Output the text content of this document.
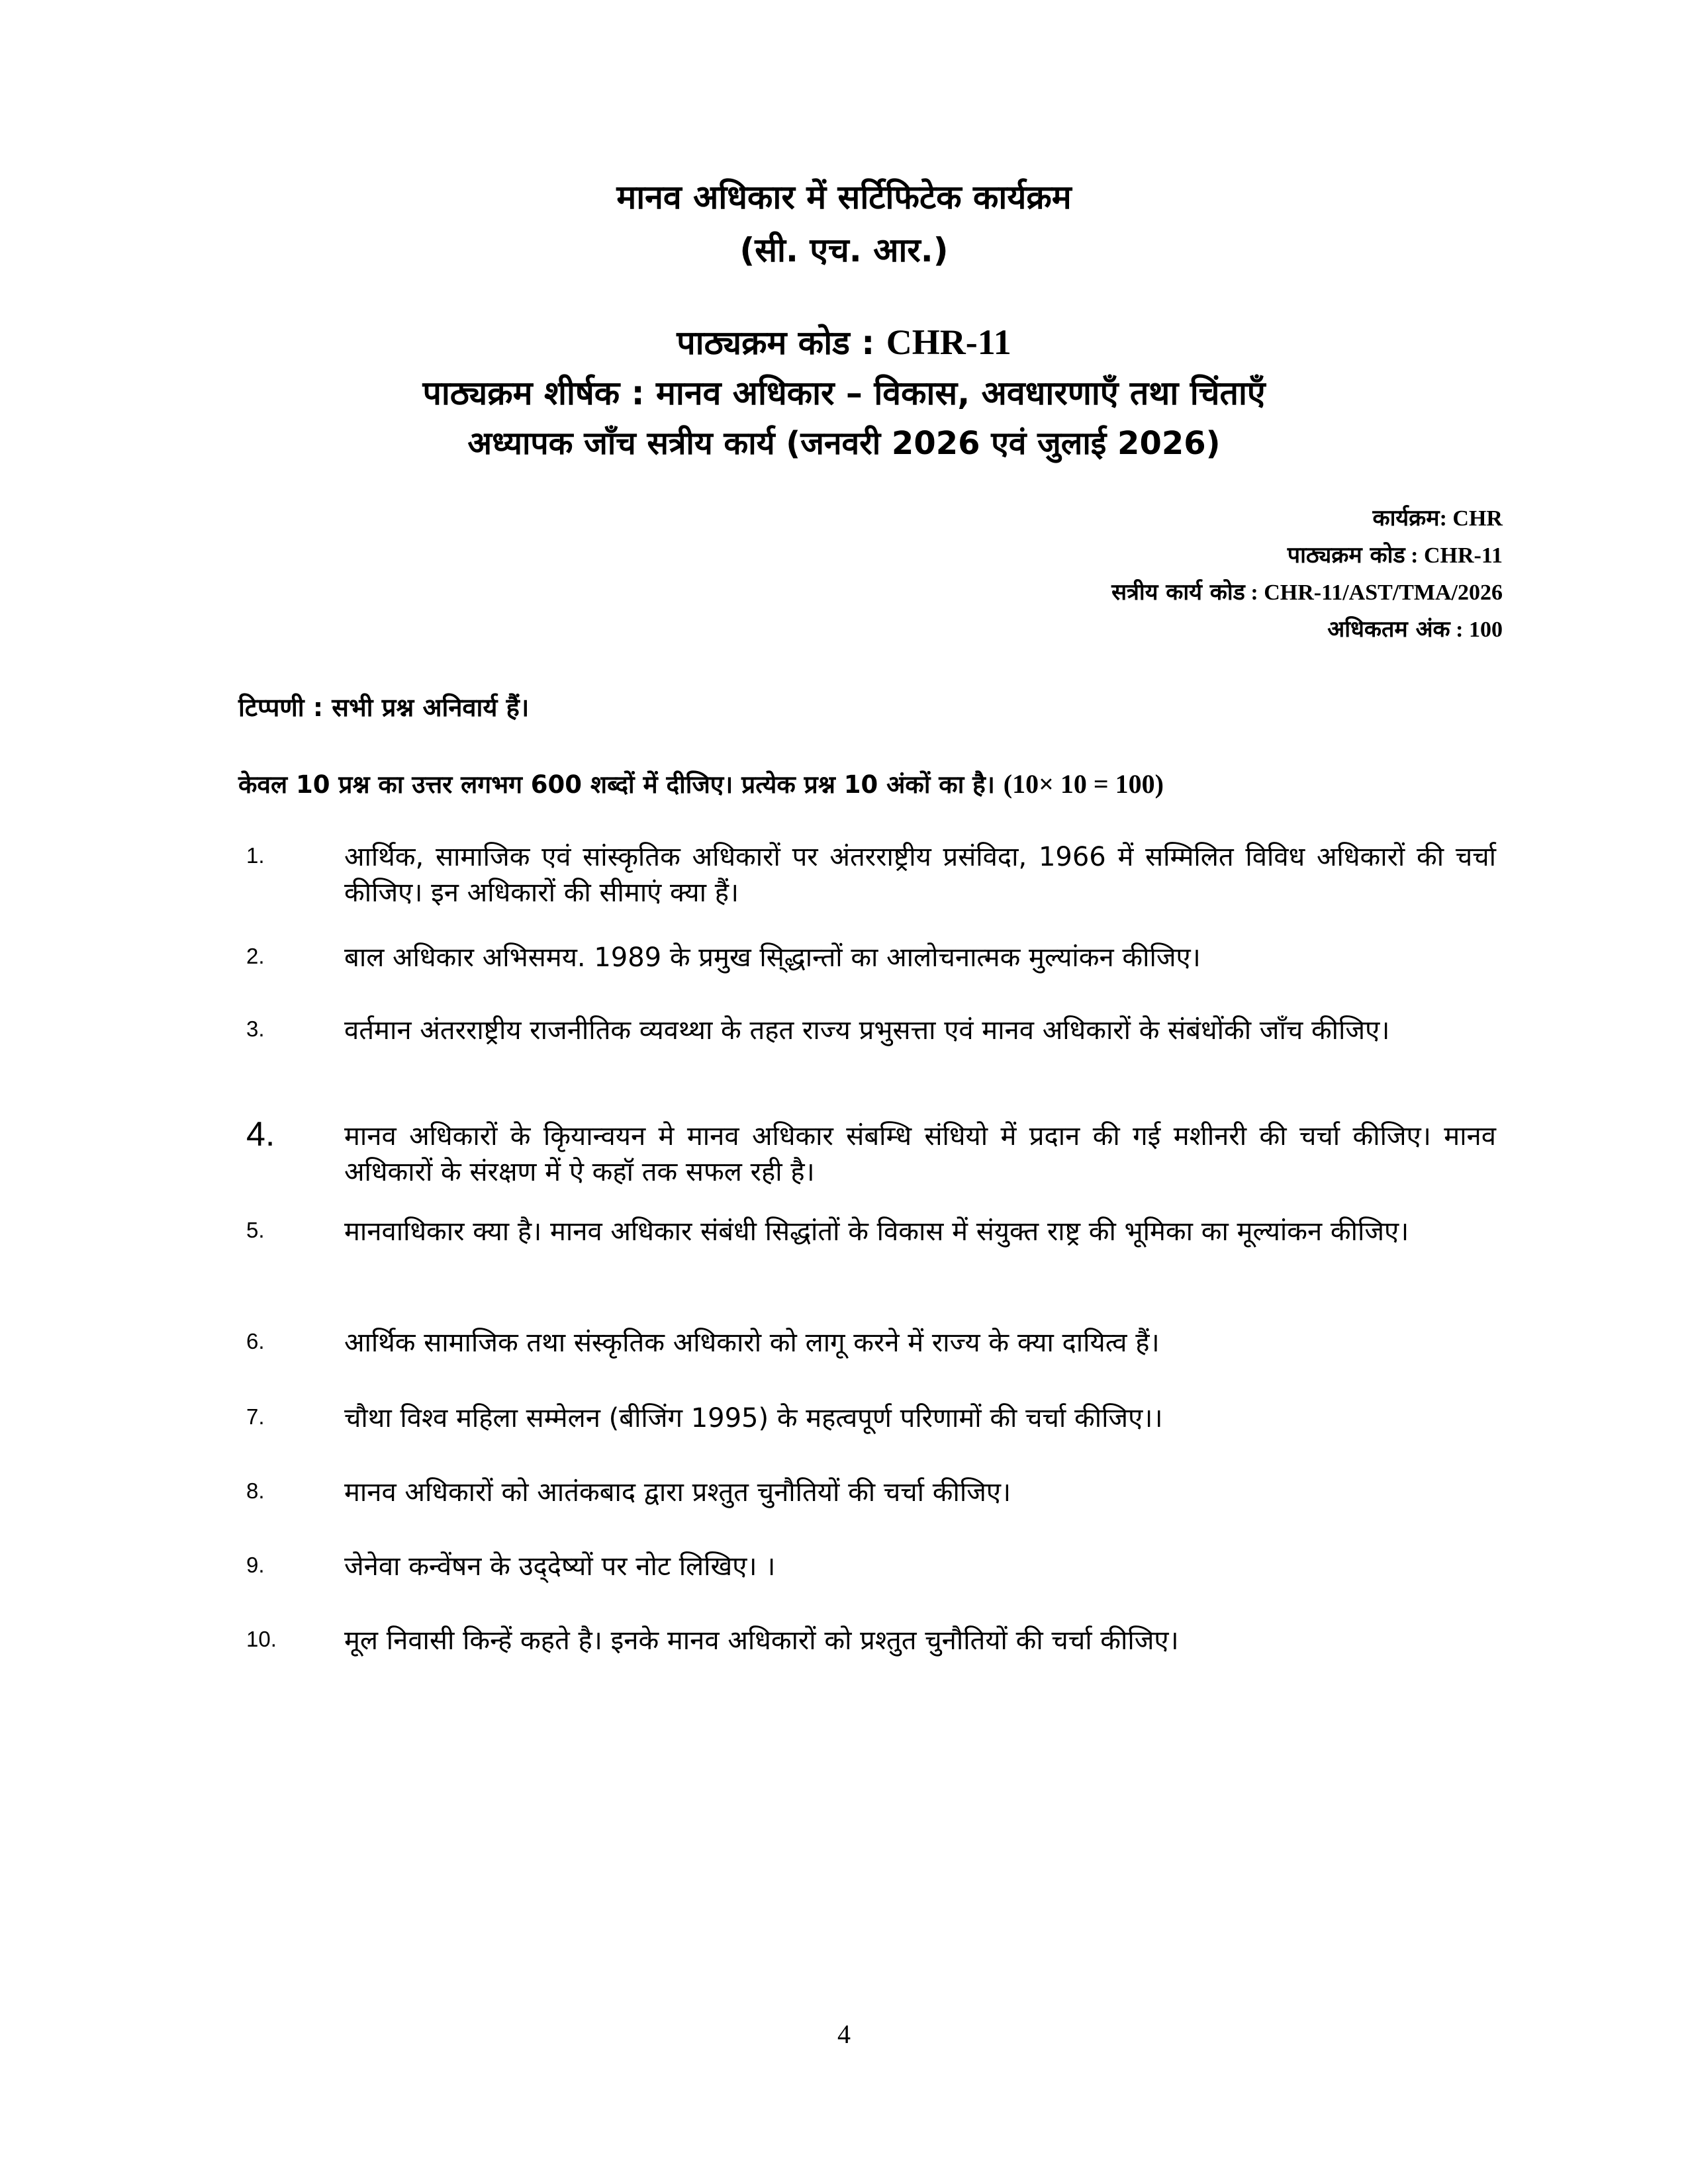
मानव अधिकार में सर्टिफिटेक कार्यक्रम
(सी. एच. आर.)
पाठ्यक्रम कोड : CHR-11
पाठ्यक्रम शीर्षक : मानव अधिकार – विकास, अवधारणाएँ तथा चिंताएँ
अध्यापक जाँच सत्रीय कार्य (जनवरी 2026 एवं जुलाई 2026)
कार्यक्रम: CHR
पाठ्यक्रम कोड : CHR-11
सत्रीय कार्य कोड : CHR-11/AST/TMA/2026
अधिकतम अंक : 100
टिप्पणी : सभी प्रश्न अनिवार्य हैं।
केवल 10 प्रश्न का उत्तर लगभग 600 शब्दों में दीजिए। प्रत्येक प्रश्न 10 अंकों का है। (10× 10 = 100)
1.	आर्थिक, सामाजिक एवं सांस्कृतिक अधिकारों पर अंतरराष्ट्रीय प्रसंविदा, 1966 में सम्मिलित विविध अधिकारों की चर्चा कीजिए। इन अधिकारों की सीमाएं क्या हैं।
2.	बाल अधिकार अभिसमय. 1989 के प्रमुख सि्द्धान्तों का आलोचनात्मक मुल्यांकन कीजिए।
3.	वर्तमान अंतरराष्ट्रीय राजनीतिक व्यवथ्था के तहत राज्य प्रभुसत्ता एवं मानव अधिकारों के संबंधोंकी जाँच कीजिए।
4.	मानव अधिकारों के कृियान्वयन मे मानव अधिकार संबम्धि संधियो में प्रदान की गई मशीनरी की चर्चा कीजिए। मानव अधिकारों के संरक्षण में ऐ कहॉ तक सफल रही है।
5.	मानवाधिकार क्या है। मानव अधिकार संबंधी सिद्धांतों के विकास में संयुक्त राष्ट्र की भूमिका का मूल्यांकन कीजिए।
6.	आर्थिक सामाजिक तथा संस्कृतिक अधिकारो को लागू करने में राज्य के क्या दायित्व हैं।
7.	चौथा विश्व महिला सम्मेलन (बीजिंग 1995) के महत्वपूर्ण परिणामों की चर्चा कीजिए।।
8.	मानव अधिकारों को आतंकबाद द्वारा प्रश्तुत चुनौतियों की चर्चा कीजिए।
9.	जेनेवा कन्वेंषन के उद्‌देष्यों पर नोट लिखिए। ।
10.	मूल निवासी किन्हें कहते है। इनके मानव अधिकारों को प्रश्तुत चुनौतियों की चर्चा कीजिए।
4
